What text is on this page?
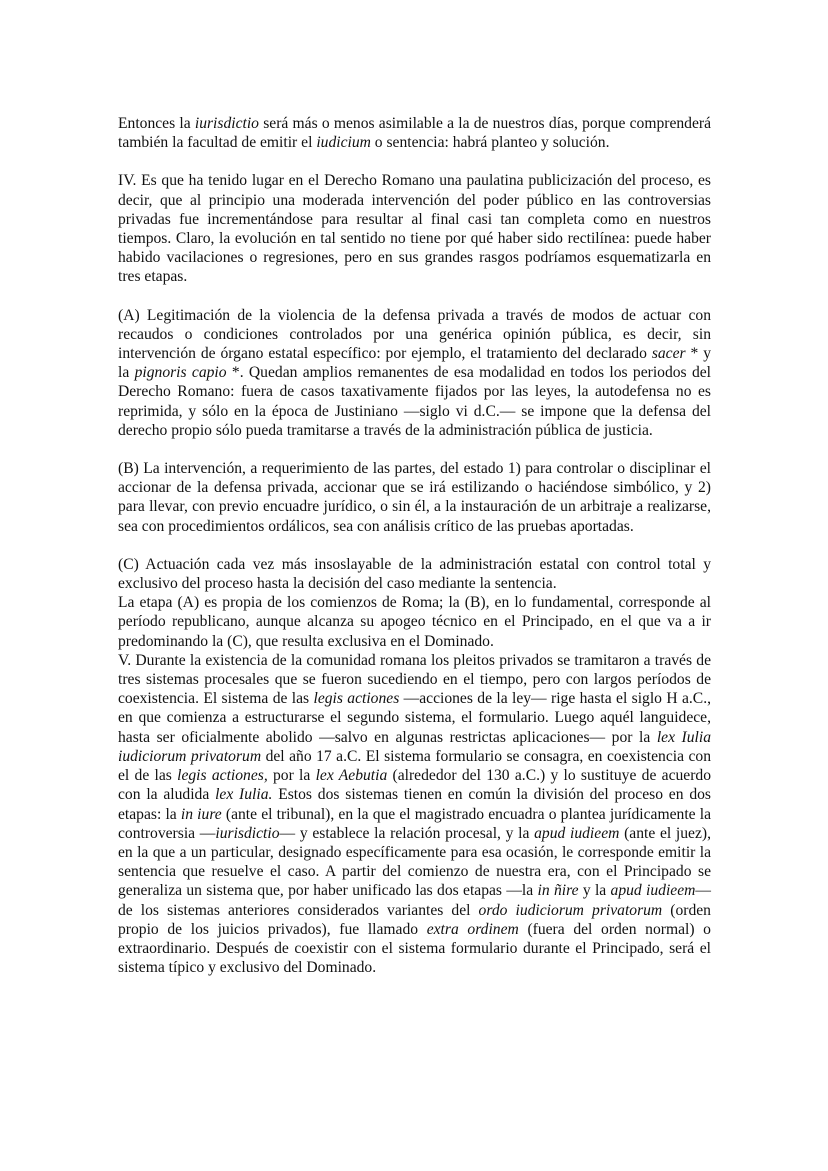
Entonces la iurisdictio será más o menos asimilable a la de nuestros días, porque comprenderá también la facultad de emitir el iudicium o sentencia: habrá planteo y solución.

IV. Es que ha tenido lugar en el Derecho Romano una paulatina publicización del proceso, es decir, que al principio una moderada intervención del poder público en las controversias privadas fue incrementándose para resultar al final casi tan completa como en nuestros tiempos. Claro, la evolución en tal sentido no tiene por qué haber sido rectilínea: puede haber habido vacilaciones o regresiones, pero en sus grandes rasgos podríamos esquematizarla en tres etapas.

(A) Legitimación de la violencia de la defensa privada a través de modos de actuar con recaudos o condiciones controlados por una genérica opinión pública, es decir, sin intervención de órgano estatal específico: por ejemplo, el tratamiento del declarado sacer * y la pignoris capio *. Quedan amplios remanentes de esa modalidad en todos los periodos del Derecho Romano: fuera de casos taxativamente fijados por las leyes, la autodefensa no es reprimida, y sólo en la época de Justiniano —siglo vi d.C.— se impone que la defensa del derecho propio sólo pueda tramitarse a través de la administración pública de justicia.

(B) La intervención, a requerimiento de las partes, del estado 1) para controlar o disciplinar el accionar de la defensa privada, accionar que se irá estilizando o haciéndose simbólico, y 2) para llevar, con previo encuadre jurídico, o sin él, a la instauración de un arbitraje a realizarse, sea con procedimientos ordálicos, sea con análisis crítico de las pruebas aportadas.

(C) Actuación cada vez más insoslayable de la administración estatal con control total y exclusivo del proceso hasta la decisión del caso mediante la sentencia.

La etapa (A) es propia de los comienzos de Roma; la (B), en lo fundamental, corresponde al período republicano, aunque alcanza su apogeo técnico en el Principado, en el que va a ir predominando la (C), que resulta exclusiva en el Dominado.

V. Durante la existencia de la comunidad romana los pleitos privados se tramitaron a través de tres sistemas procesales que se fueron sucediendo en el tiempo, pero con largos períodos de coexistencia. El sistema de las legis actiones —acciones de la ley— rige hasta el siglo H a.C., en que comienza a estructurarse el segundo sistema, el formulario. Luego aquél languidece, hasta ser oficialmente abolido —salvo en algunas restrictas aplicaciones— por la lex Iulia iudiciorum privatorum del año 17 a.C. El sistema formulario se consagra, en coexistencia con el de las legis actiones, por la lex Aebutia (alrededor del 130 a.C.) y lo sustituye de acuerdo con la aludida lex Iulia. Estos dos sistemas tienen en común la división del proceso en dos etapas: la in iure (ante el tribunal), en la que el magistrado encuadra o plantea jurídicamente la controversia —iurisdictio— y establece la relación procesal, y la apud iudieem (ante el juez), en la que a un particular, designado específicamente para esa ocasión, le corresponde emitir la sentencia que resuelve el caso. A partir del comienzo de nuestra era, con el Principado se generaliza un sistema que, por haber unificado las dos etapas —la in ñire y la apud iudieem— de los sistemas anteriores considerados variantes del ordo iudiciorum privatorum (orden propio de los juicios privados), fue llamado extra ordinem (fuera del orden normal) o extraordinario. Después de coexistir con el sistema formulario durante el Principado, será el sistema típico y exclusivo del Dominado.
